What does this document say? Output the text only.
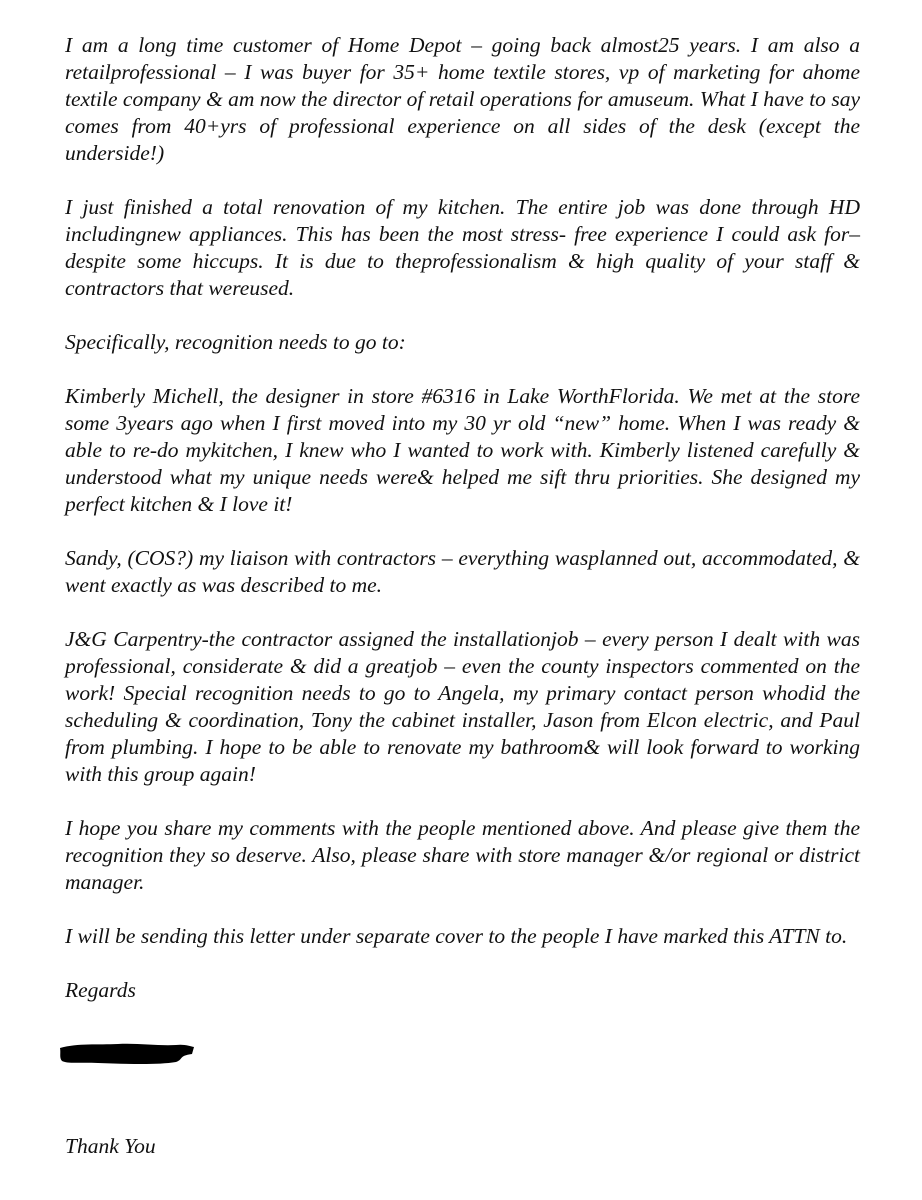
I am a long time customer of Home Depot – going back almost25 years. I am also a retailprofessional – I was buyer for 35+ home textile stores, vp of marketing for ahome textile company & am now the director of retail operations for amuseum. What I have to say comes from 40+yrs of professional experience on all sides of the desk (except the underside!)

I just finished a total renovation of my kitchen. The entire job was done through HD includingnew appliances. This has been the most stress- free experience I could ask for– despite some hiccups. It is due to theprofessionalism & high quality of your staff & contractors that wereused.

Specifically, recognition needs to go to:

Kimberly Michell, the designer in store #6316 in Lake WorthFlorida. We met at the store some 3years ago when I first moved into my 30 yr old “new” home. When I was ready & able to re-do mykitchen, I knew who I wanted to work with. Kimberly listened carefully & understood what my unique needs were& helped me sift thru priorities. She designed my perfect kitchen & I love it!

Sandy, (COS?) my liaison with contractors – everything wasplanned out, accommodated, & went exactly as was described to me.

J&G Carpentry-the contractor assigned the installationjob – every person I dealt with was professional, considerate & did a greatjob – even the county inspectors commented on the work! Special recognition needs to go to Angela, my primary contact person whodid the scheduling & coordination, Tony the cabinet installer, Jason from Elcon electric, and Paul from plumbing. I hope to be able to renovate my bathroom& will look forward to working with this group again!

I hope you share my comments with the people mentioned above. And please give them the recognition they so deserve. Also, please share with store manager &/or regional or district manager.

I will be sending this letter under separate cover to the people I have marked this ATTN to.

Regards

Thank You
